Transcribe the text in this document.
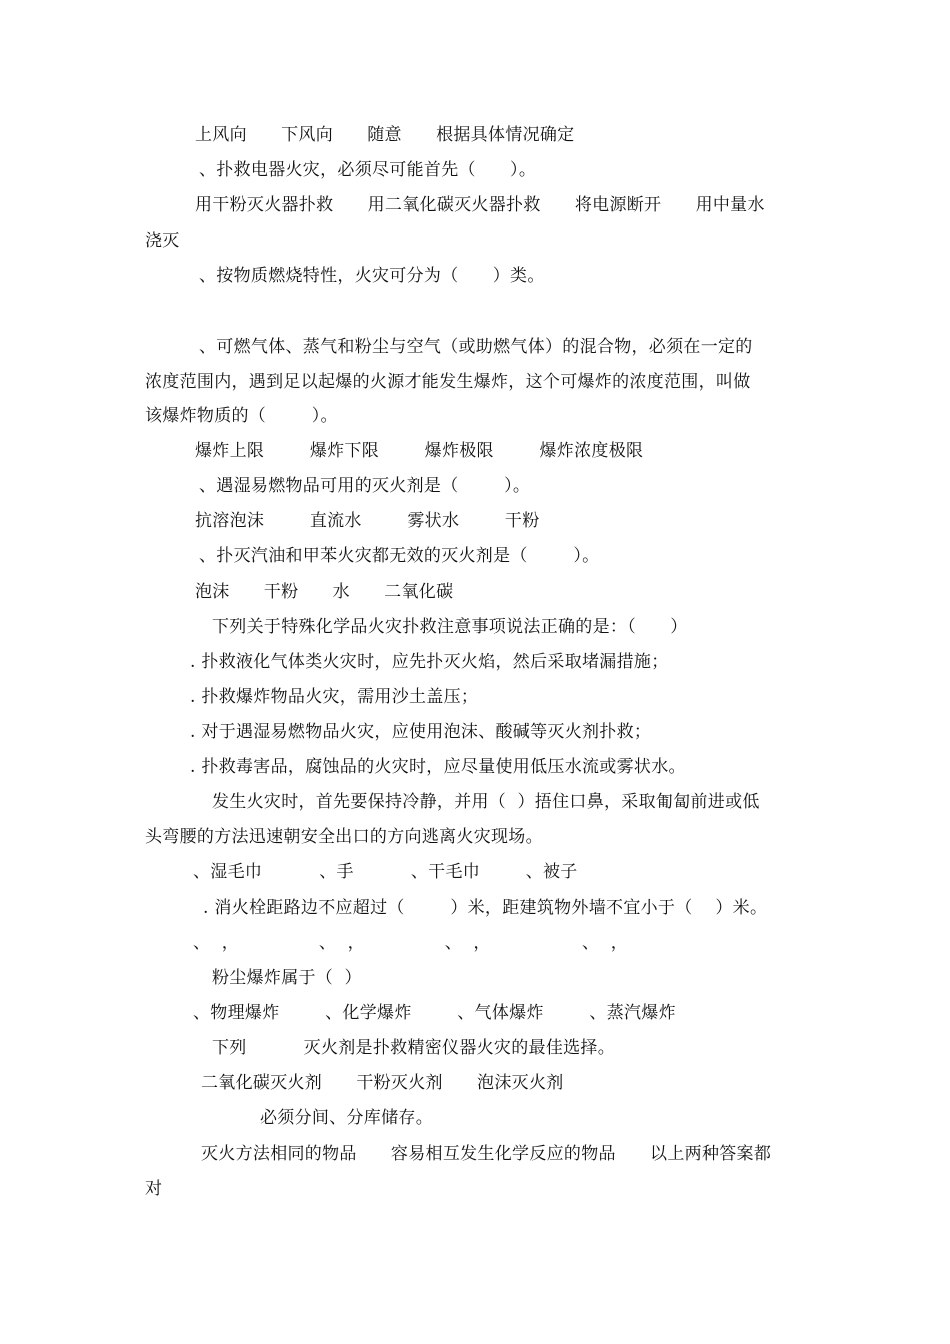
上风向      下风向      随意      根据具体情况确定
、扑救电器火灾，必须尽可能首先（      ）。
用干粉灭火器扑救      用二氧化碳灭火器扑救      将电源断开      用中量水
浇灭
、按物质燃烧特性，火灾可分为（      ）类。
、可燃气体、蒸气和粉尘与空气（或助燃气体）的混合物，必须在一定的
浓度范围内，遇到足以起爆的火源才能发生爆炸，这个可爆炸的浓度范围，叫做
该爆炸物质的（        ）。
爆炸上限        爆炸下限        爆炸极限        爆炸浓度极限
、遇湿易燃物品可用的灭火剂是（        ）。
抗溶泡沫        直流水        雾状水        干粉
、扑灭汽油和甲苯火灾都无效的灭火剂是（        ）。
泡沫      干粉      水      二氧化碳
下列关于特殊化学品火灾扑救注意事项说法正确的是：（      ）
. 扑救液化气体类火灾时，应先扑灭火焰，然后采取堵漏措施；
. 扑救爆炸物品火灾，需用沙土盖压；
. 对于遇湿易燃物品火灾，应使用泡沫、酸碱等灭火剂扑救；
. 扑救毒害品，腐蚀品的火灾时，应尽量使用低压水流或雾状水。
发生火灾时，首先要保持冷静，并用（  ）捂住口鼻，采取匍匐前进或低
头弯腰的方法迅速朝安全出口的方向逃离火灾现场。
、湿毛巾          、手          、干毛巾        、被子
. 消火栓距路边不应超过（        ）米，距建筑物外墙不宜小于（    ）米。
、  ，              、  ，              、  ，                、  ，
粉尘爆炸属于（  ）
、物理爆炸        、化学爆炸        、气体爆炸        、蒸汽爆炸
下列          灭火剂是扑救精密仪器火灾的最佳选择。
二氧化碳灭火剂      干粉灭火剂      泡沫灭火剂
必须分间、分库储存。
灭火方法相同的物品      容易相互发生化学反应的物品      以上两种答案都
对
